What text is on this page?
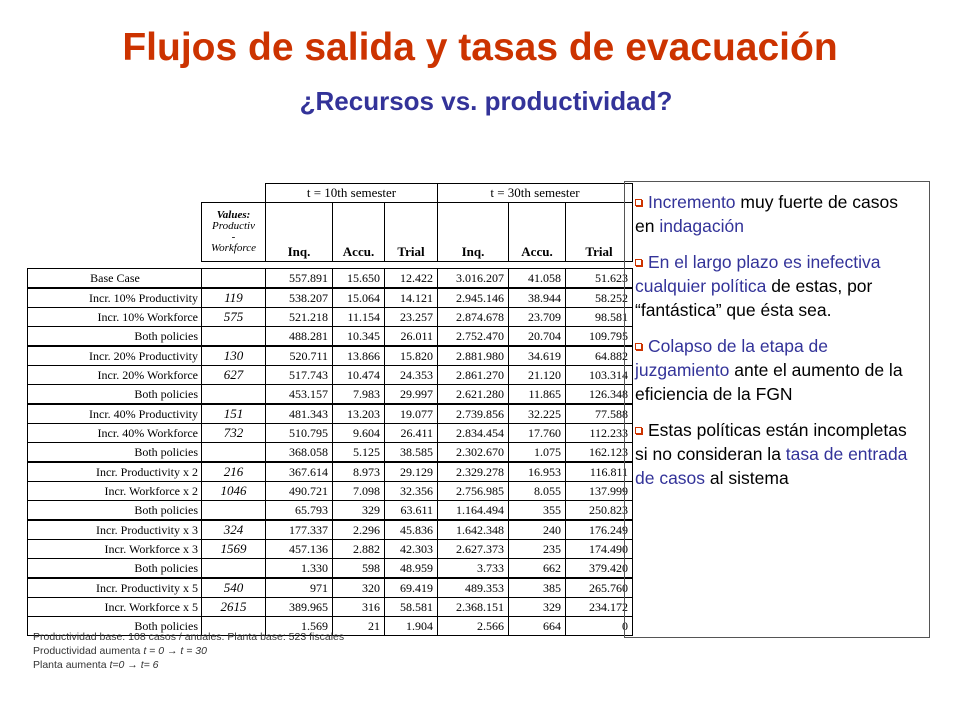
Flujos de salida y tasas de evacuación
¿Recursos vs. productividad?
		t = 10th semester			t = 30th semester		
	Values:
Productiv
-
Workforce	Inq.	Accu.	Trial	Inq.	Accu.	Trial

Base Case		557.891	15.650	12.422	3.016.207	41.058	51.623
Incr. 10% Productivity	119	538.207	15.064	14.121	2.945.146	38.944	58.252
Incr. 10% Workforce	575	521.218	11.154	23.257	2.874.678	23.709	98.581
Both policies		488.281	10.345	26.011	2.752.470	20.704	109.795
Incr. 20% Productivity	130	520.711	13.866	15.820	2.881.980	34.619	64.882
Incr. 20% Workforce	627	517.743	10.474	24.353	2.861.270	21.120	103.314
Both policies		453.157	7.983	29.997	2.621.280	11.865	126.348
Incr. 40% Productivity	151	481.343	13.203	19.077	2.739.856	32.225	77.588
Incr. 40% Workforce	732	510.795	9.604	26.411	2.834.454	17.760	112.233
Both policies		368.058	5.125	38.585	2.302.670	1.075	162.123
Incr. Productivity x 2	216	367.614	8.973	29.129	2.329.278	16.953	116.811
Incr. Workforce x 2	1046	490.721	7.098	32.356	2.756.985	8.055	137.999
Both policies		65.793	329	63.611	1.164.494	355	250.823
Incr. Productivity x 3	324	177.337	2.296	45.836	1.642.348	240	176.249
Incr. Workforce x 3	1569	457.136	2.882	42.303	2.627.373	235	174.490
Both policies		1.330	598	48.959	3.733	662	379.420
Incr. Productivity x 5	540	971	320	69.419	489.353	385	265.760
Incr. Workforce x 5	2615	389.965	316	58.581	2.368.151	329	234.172
Both policies		1.569	21	1.904	2.566	664	0
Productividad base. 108 casos / anuales. Planta base: 523 fiscales
Productividad aumenta t = 0 → t = 30
Planta aumenta t=0 → t= 6

Incremento muy fuerte de casos en indagación

En el largo plazo es inefectiva cualquier política de estas, por “fantástica” que ésta sea.

Colapso de la etapa de juzgamiento ante el aumento de la eficiencia de la FGN

Estas políticas están incompletas si no consideran la tasa de entrada de casos al sistema
